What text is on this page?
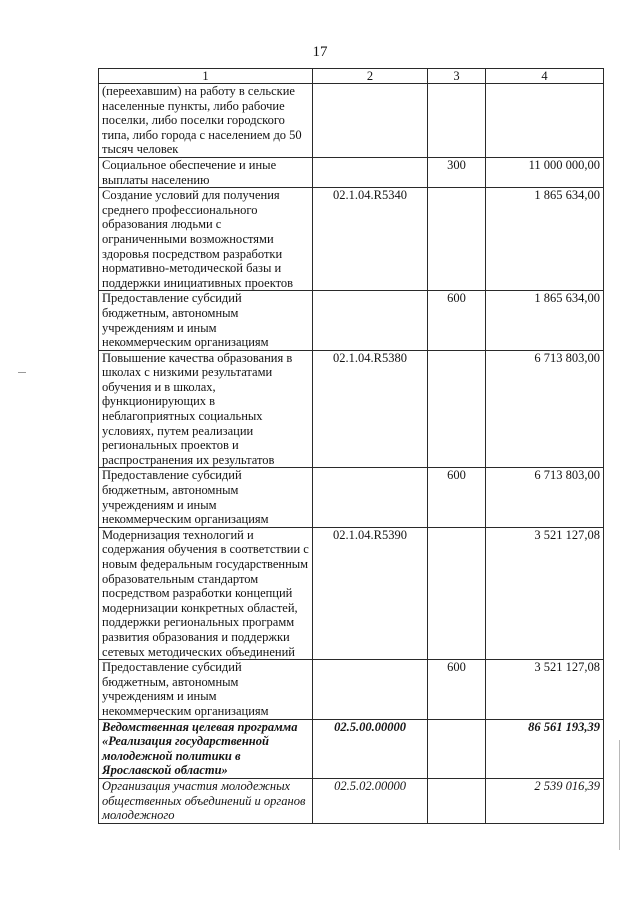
17
1	2	3	4
(переехавшим) на работу в сельские населенные пункты, либо рабочие поселки, либо поселки городского типа, либо города с населением до 50 тысяч человек			
Социальное обеспечение и иные выплаты населению		300	11 000 000,00
Создание условий для получения среднего профессионального образования людьми с ограниченными возможностями здоровья посредством разработки нормативно-методической базы и поддержки инициативных проектов	02.1.04.R5340		1 865 634,00
Предоставление субсидий бюджетным, автономным учреждениям и иным некоммерческим организациям		600	1 865 634,00
Повышение качества образования в школах с низкими результатами обучения и в школах, функционирующих в неблагоприятных социальных условиях, путем реализации региональных проектов и распространения их результатов	02.1.04.R5380		6 713 803,00
Предоставление субсидий бюджетным, автономным учреждениям и иным некоммерческим организациям		600	6 713 803,00
Модернизация технологий и содержания обучения в соответствии с новым федеральным государственным образовательным стандартом посредством разработки концепций модернизации конкретных областей, поддержки региональных программ развития образования и поддержки сетевых методических объединений	02.1.04.R5390		3 521 127,08
Предоставление субсидий бюджетным, автономным учреждениям и иным некоммерческим организациям		600	3 521 127,08
Ведомственная целевая программа «Реализация государственной молодежной политики в Ярославской области»	02.5.00.00000		86 561 193,39
Организация участия молодежных общественных объединений и органов молодежного	02.5.02.00000		2 539 016,39
